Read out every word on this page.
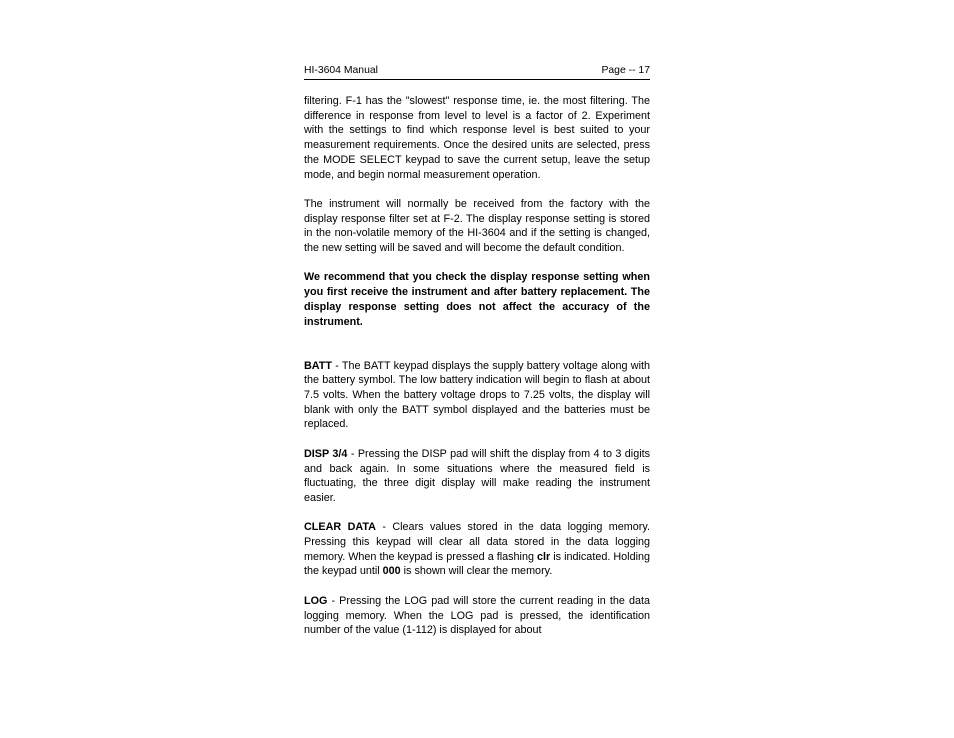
HI-3604 Manual	Page -- 17

filtering. F-1 has the "slowest" response time, ie. the most filtering. The difference in response from level to level is a factor of 2. Experiment with the settings to find which response level is best suited to your measurement requirements. Once the desired units are selected, press the MODE SELECT keypad to save the current setup, leave the setup mode, and begin normal measurement operation.

The instrument will normally be received from the factory with the display response filter set at F-2. The display response setting is stored in the non-volatile memory of the HI-3604 and if the setting is changed, the new setting will be saved and will become the default condition.

We recommend that you check the display response setting when you first receive the instrument and after battery replacement. The display response setting does not affect the accuracy of the instrument.

BATT - The BATT keypad displays the supply battery voltage along with the battery symbol. The low battery indication will begin to flash at about 7.5 volts. When the battery voltage drops to 7.25 volts, the display will blank with only the BATT symbol displayed and the batteries must be replaced.

DISP 3/4 - Pressing the DISP pad will shift the display from 4 to 3 digits and back again. In some situations where the measured field is fluctuating, the three digit display will make reading the instrument easier.

CLEAR DATA - Clears values stored in the data logging memory. Pressing this keypad will clear all data stored in the data logging memory. When the keypad is pressed a flashing clr is indicated. Holding the keypad until 000 is shown will clear the memory.

LOG - Pressing the LOG pad will store the current reading in the data logging memory. When the LOG pad is pressed, the identification number of the value (1-112) is displayed for about
